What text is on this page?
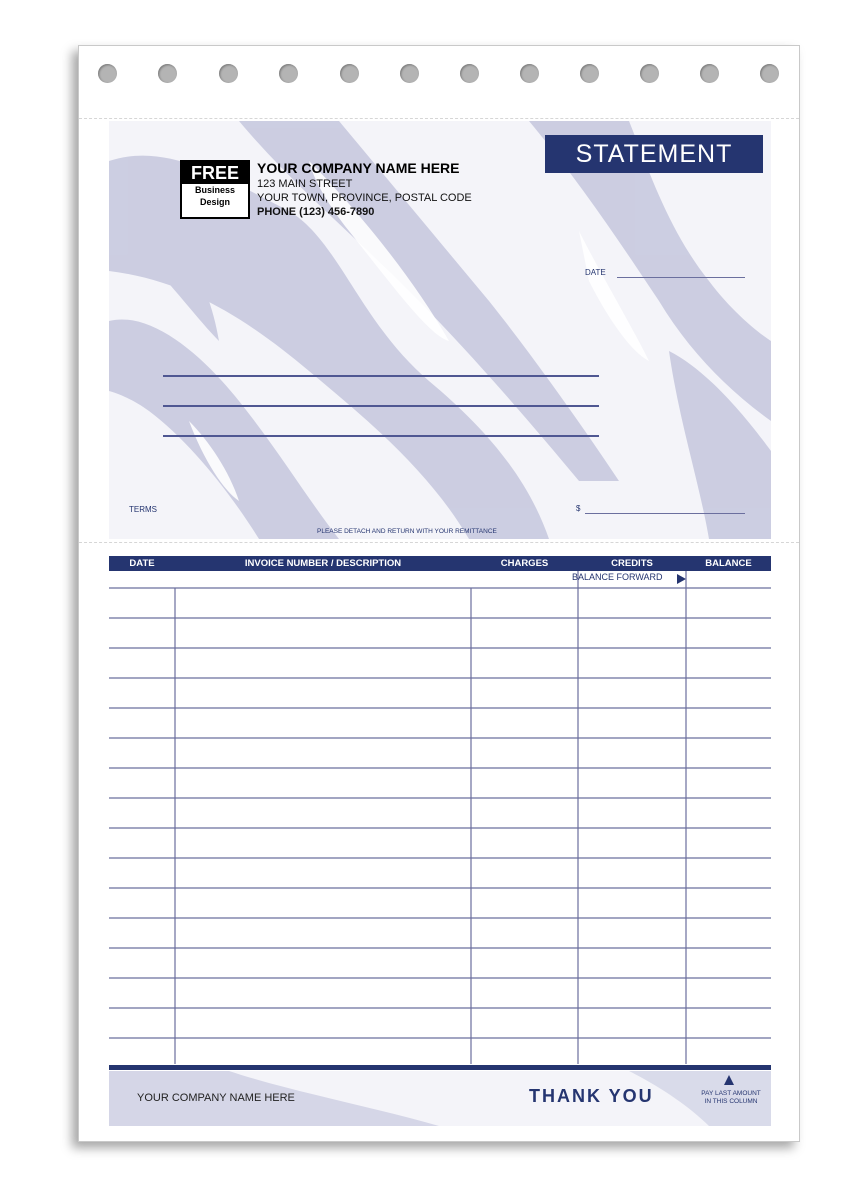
FREE
Business
Design
YOUR COMPANY NAME HERE
123 MAIN STREET
YOUR TOWN, PROVINCE, POSTAL CODE
PHONE (123) 456-7890
STATEMENT
DATE
TERMS	$
PLEASE DETACH AND RETURN WITH YOUR REMITTANCE
DATE	INVOICE NUMBER / DESCRIPTION	CHARGES	CREDITS	BALANCE
BALANCE FORWARD
YOUR COMPANY NAME HERE	THANK YOU	PAY LAST AMOUNT
IN THIS COLUMN
